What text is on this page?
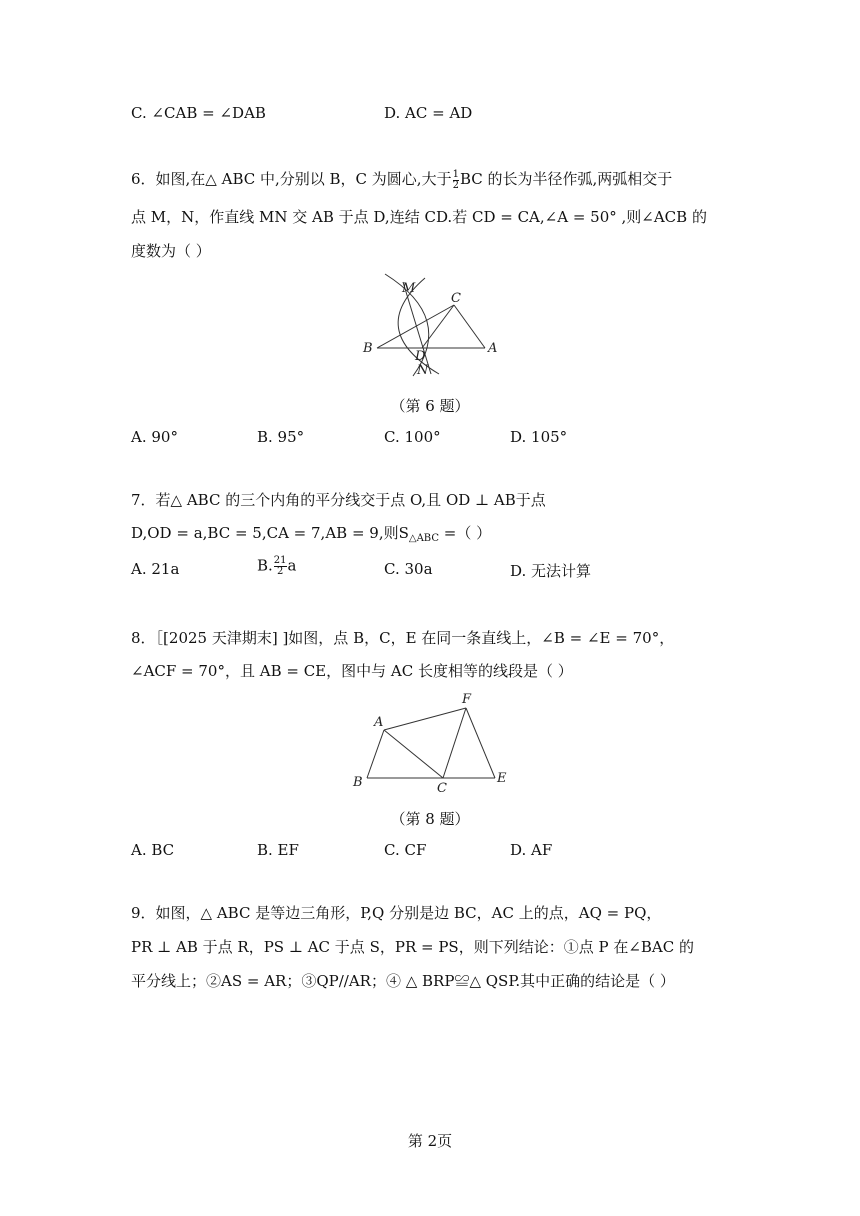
C. ∠CAB = ∠DAB	D. AC = AD
6．如图,在△ ABC 中,分别以 B，C 为圆心,大于 $\frac{1}{2}$ BC 的长为半径作弧,两弧相交于
点 M，N，作直线 MN 交 AB 于点 D,连结 CD.若 CD = CA,∠A = 50° ,则∠ACB 的
度数为（ ）
M
C
B
D
A
N
（第 6 题）
A. 90°	B. 95°	C. 100°	D. 105°
7．若△ ABC 的三个内角的平分线交于点 O,且 OD ⊥ AB于点
D,OD = a,BC = 5,CA = 7,AB = 9,则$S_{\triangle ABC}$ =（ ）
A. 21a	B. $\frac{21}{2}$ a	C. 30a	D. 无法计算
8．［[2025 天津期末] ]如图，点 B，C，E 在同一条直线上，∠B = ∠E = 70°，
∠ACF = 70°，且 AB = CE，图中与 AC 长度相等的线段是（ ）
A
F
B	C
E
（第 8 题）
A. BC	B. EF	C. CF	D. AF
9．如图，△ ABC 是等边三角形，P,Q 分别是边 BC，AC 上的点，AQ = PQ，
PR ⊥ AB 于点 R，PS ⊥ AC 于点 S，PR = PS，则下列结论：①点 P 在∠BAC 的
平分线上；②AS = AR；③QP//AR；④ △ BRP≌△ QSP.其中正确的结论是（ ）
第 2页
